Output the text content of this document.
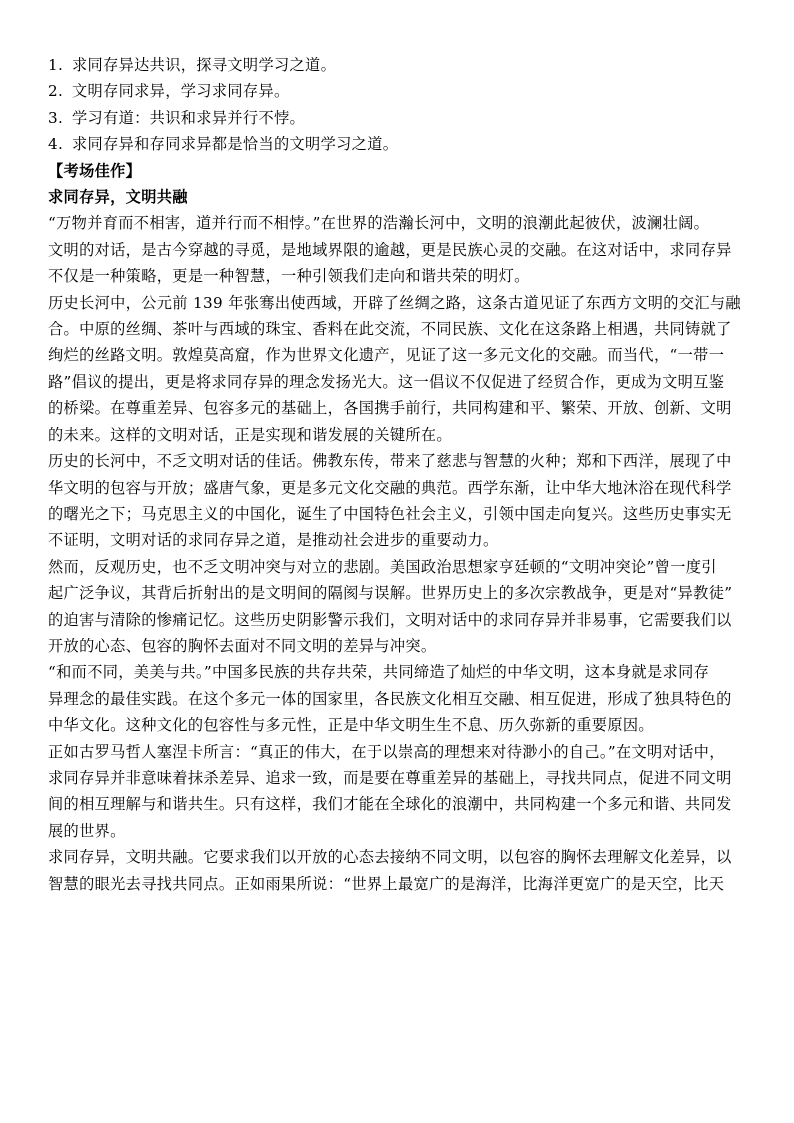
1. 求同存异达共识，探寻文明学习之道。
2. 文明存同求异，学习求同存异。
3. 学习有道：共识和求异并行不悖。
4. 求同存异和存同求异都是恰当的文明学习之道。
【考场佳作】
求同存异，文明共融
“万物并育而不相害，道并行而不相悖。”在世界的浩瀚长河中，文明的浪潮此起彼伏，波澜壮阔。
文明的对话，是古今穿越的寻觅，是地域界限的逾越，更是民族心灵的交融。在这对话中，求同存异
不仅是一种策略，更是一种智慧，一种引领我们走向和谐共荣的明灯。
历史长河中，公元前 139 年张骞出使西域，开辟了丝绸之路，这条古道见证了东西方文明的交汇与融
合。中原的丝绸、茶叶与西域的珠宝、香料在此交流，不同民族、文化在这条路上相遇，共同铸就了
绚烂的丝路文明。敦煌莫高窟，作为世界文化遗产，见证了这一多元文化的交融。而当代，“一带一
路”倡议的提出，更是将求同存异的理念发扬光大。这一倡议不仅促进了经贸合作，更成为文明互鉴
的桥梁。在尊重差异、包容多元的基础上，各国携手前行，共同构建和平、繁荣、开放、创新、文明
的未来。这样的文明对话，正是实现和谐发展的关键所在。
历史的长河中，不乏文明对话的佳话。佛教东传，带来了慈悲与智慧的火种；郑和下西洋，展现了中
华文明的包容与开放；盛唐气象，更是多元文化交融的典范。西学东渐，让中华大地沐浴在现代科学
的曙光之下；马克思主义的中国化，诞生了中国特色社会主义，引领中国走向复兴。这些历史事实无
不证明，文明对话的求同存异之道，是推动社会进步的重要动力。
然而，反观历史，也不乏文明冲突与对立的悲剧。美国政治思想家亨廷顿的“文明冲突论”曾一度引
起广泛争议，其背后折射出的是文明间的隔阂与误解。世界历史上的多次宗教战争，更是对“异教徒”
的迫害与清除的惨痛记忆。这些历史阴影警示我们，文明对话中的求同存异并非易事，它需要我们以
开放的心态、包容的胸怀去面对不同文明的差异与冲突。
“和而不同，美美与共。”中国多民族的共存共荣，共同缔造了灿烂的中华文明，这本身就是求同存
异理念的最佳实践。在这个多元一体的国家里，各民族文化相互交融、相互促进，形成了独具特色的
中华文化。这种文化的包容性与多元性，正是中华文明生生不息、历久弥新的重要原因。
正如古罗马哲人塞涅卡所言：“真正的伟大，在于以崇高的理想来对待渺小的自己。”在文明对话中，
求同存异并非意味着抹杀差异、追求一致，而是要在尊重差异的基础上，寻找共同点，促进不同文明
间的相互理解与和谐共生。只有这样，我们才能在全球化的浪潮中，共同构建一个多元和谐、共同发
展的世界。
求同存异，文明共融。它要求我们以开放的心态去接纳不同文明，以包容的胸怀去理解文化差异，以
智慧的眼光去寻找共同点。正如雨果所说：“世界上最宽广的是海洋，比海洋更宽广的是天空，比天
